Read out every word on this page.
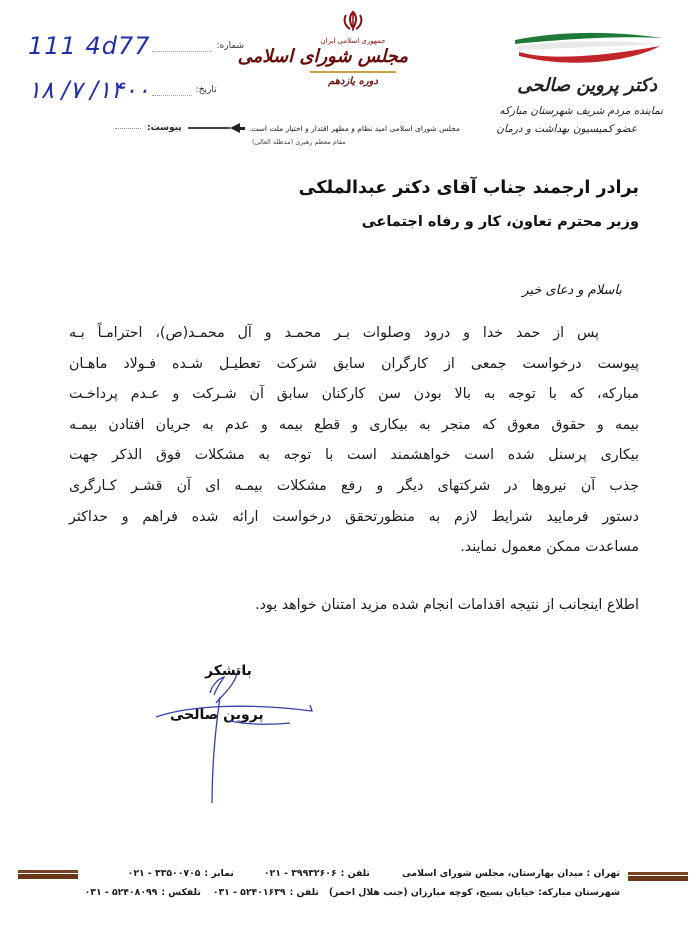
111 4d77	شماره:
۱۴۰۰/ ۷/ ۱۸	تاریخ:
جمهوری اسلامی ایران
مجلس شورای اسلامی
دوره یازدهم
پیوست:	مجلس شورای اسلامی امید نظام و مظهر اقتدار و اختیار ملت است.
مقام معظم رهبری (مدظله العالی)
دکتر پروین صالحی
نماینده مردم شریف شهرستان مبارکه
عضو کمیسیون بهداشت و درمان
برادر ارجمند جناب آقای دکتر عبدالملکی
وزیر محترم تعاون، کار و رفاه اجتماعی
باسلام و دعای خیر
پس از حمد خدا و درود وصلوات بـر محمـد و آل محمـد(ص)، احترامـاً بـه
پیوست درخواست جمعی از کارگران سابق شرکت تعطیـل شـده فـولاد ماهـان
مبارکه، که با توجه به بالا بودن سن کارکنان سابق آن شـرکت و عـدم پرداخـت
بیمه و حقوق معوق که منجر به بیکاری و قطع بیمه و عدم به جریان افتادن بیمـه
بیکاری پرسنل شده است خواهشمند است با توجه به مشکلات فوق الذکر جهت
جذب آن نیروها در شرکتهای دیگر و رفع مشکلات بیمـه ای آن قشـر کـارگری
دستور فرمایید شرایط لازم به منظورتحقق درخواست ارائه شده فراهم و حداکثر
مساعدت ممکن معمول نمایند.
اطلاع اینجانب از نتیجه اقدامات انجام شده مزید امتنان خواهد بود.
باتشکر
پروین صالحی
تهران : میدان بهارستان، مجلس شورای اسلامی
تلفن :
۰۲۱ - ۳۹۹۳۲۶۰۶
نمابر :
۰۲۱ - ۳۳۵۰۰۷۰۵
شهرستان مبارکه: خیابان بسیج، کوچه مبارزان (جنب هلال احمر)
تلفن :
۰۳۱ - ۵۲۴۰۱۶۳۹
تلفکس :
۰۳۱ - ۵۲۴۰۸۰۹۹
